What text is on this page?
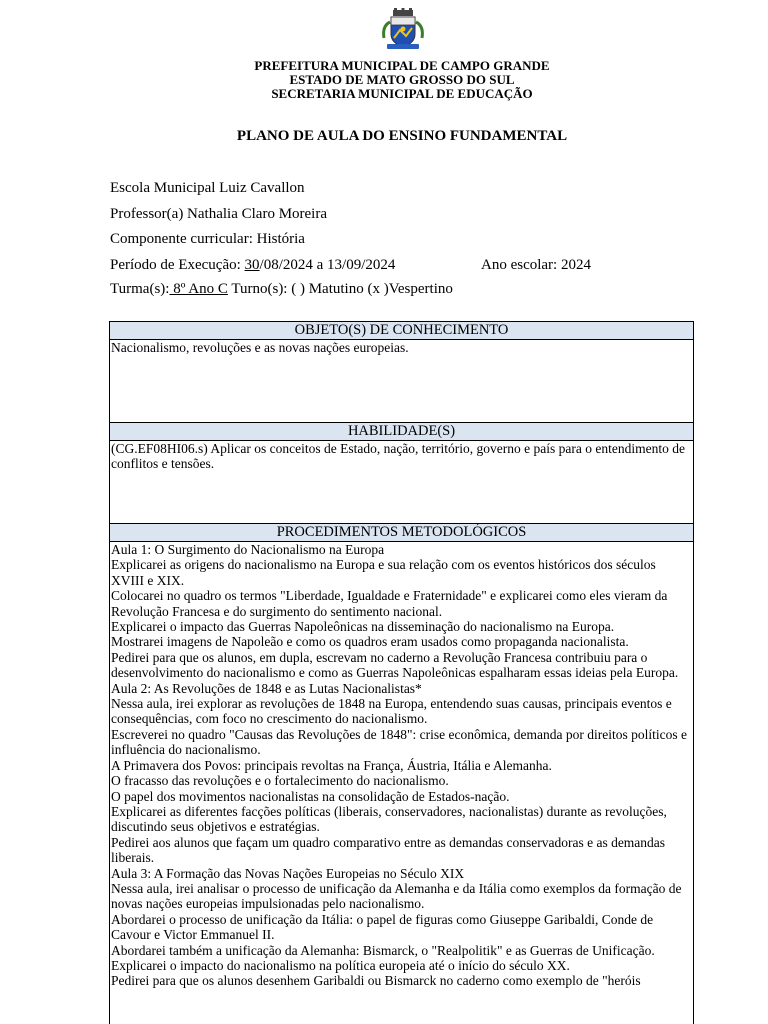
PREFEITURA MUNICIPAL DE CAMPO GRANDE
ESTADO DE MATO GROSSO DO SUL
SECRETARIA MUNICIPAL DE EDUCAÇÃO
PLANO DE AULA DO ENSINO FUNDAMENTAL
Escola Municipal Luiz Cavallon
Professor(a) Nathalia Claro Moreira
Componente curricular: História
Período de Execução: 30/08/2024 a 13/09/2024	Ano escolar: 2024
Turma(s): 8º Ano C Turno(s): ( ) Matutino (x )Vespertino
OBJETO(S) DE CONHECIMENTO
Nacionalismo, revoluções e as novas nações europeias.
HABILIDADE(S)
(CG.EF08HI06.s) Aplicar os conceitos de Estado, nação, território, governo e país para o entendimento de conflitos e tensões.
PROCEDIMENTOS METODOLÓGICOS
Aula 1: O Surgimento do Nacionalismo na Europa
Explicarei as origens do nacionalismo na Europa e sua relação com os eventos históricos dos séculos XVIII e XIX.
Colocarei no quadro os termos "Liberdade, Igualdade e Fraternidade" e explicarei como eles vieram da Revolução Francesa e do surgimento do sentimento nacional.
Explicarei o impacto das Guerras Napoleônicas na disseminação do nacionalismo na Europa.
Mostrarei imagens de Napoleão e como os quadros eram usados como propaganda nacionalista.
Pedirei para que os alunos, em dupla, escrevam no caderno a Revolução Francesa contribuiu para o desenvolvimento do nacionalismo e como as Guerras Napoleônicas espalharam essas ideias pela Europa.
Aula 2: As Revoluções de 1848 e as Lutas Nacionalistas*
Nessa aula, irei explorar as revoluções de 1848 na Europa, entendendo suas causas, principais eventos e consequências, com foco no crescimento do nacionalismo.
Escreverei no quadro "Causas das Revoluções de 1848": crise econômica, demanda por direitos políticos e influência do nacionalismo.
A Primavera dos Povos: principais revoltas na França, Áustria, Itália e Alemanha.
O fracasso das revoluções e o fortalecimento do nacionalismo.
O papel dos movimentos nacionalistas na consolidação de Estados-nação.
Explicarei as diferentes facções políticas (liberais, conservadores, nacionalistas) durante as revoluções, discutindo seus objetivos e estratégias.
Pedirei aos alunos que façam um quadro comparativo entre as demandas conservadoras e as demandas liberais.
Aula 3: A Formação das Novas Nações Europeias no Século XIX
Nessa aula, irei analisar o processo de unificação da Alemanha e da Itália como exemplos da formação de novas nações europeias impulsionadas pelo nacionalismo.
Abordarei o processo de unificação da Itália: o papel de figuras como Giuseppe Garibaldi, Conde de Cavour e Victor Emmanuel II.
Abordarei também a unificação da Alemanha: Bismarck, o "Realpolitik" e as Guerras de Unificação.
Explicarei o impacto do nacionalismo na política europeia até o início do século XX.
Pedirei para que os alunos desenhem Garibaldi ou Bismarck no caderno como exemplo de "heróis
